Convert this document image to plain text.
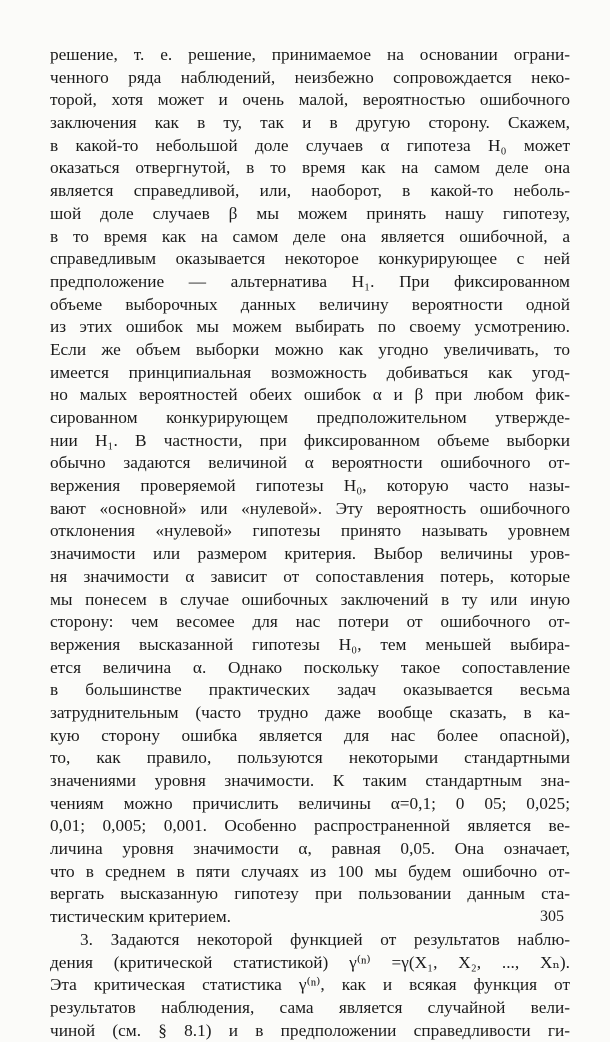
решение, т. е. решение, принимаемое на основании ограни-
ченного ряда наблюдений, неизбежно сопровождается неко-
торой, хотя может и очень малой, вероятностью ошибочного
заключения как в ту, так и в другую сторону. Скажем,
в какой-то небольшой доле случаев α гипотеза H₀ может
оказаться отвергнутой, в то время как на самом деле она
является справедливой, или, наоборот, в какой-то неболь-
шой доле случаев β мы можем принять нашу гипотезу,
в то время как на самом деле она является ошибочной, а
справедливым оказывается некоторое конкурирующее с ней
предположение — альтернатива H₁. При фиксированном
объеме выборочных данных величину вероятности одной
из этих ошибок мы можем выбирать по своему усмотрению.
Если же объем выборки можно как угодно увеличивать, то
имеется принципиальная возможность добиваться как угод-
но малых вероятностей обеих ошибок α и β при любом фик-
сированном конкурирующем предположительном утвержде-
нии H₁. В частности, при фиксированном объеме выборки
обычно задаются величиной α вероятности ошибочного от-
вержения проверяемой гипотезы H₀, которую часто назы-
вают «основной» или «нулевой». Эту вероятность ошибочного
отклонения «нулевой» гипотезы принято называть уровнем
значимости или размером критерия. Выбор величины уров-
ня значимости α зависит от сопоставления потерь, которые
мы понесем в случае ошибочных заключений в ту или иную
сторону: чем весомее для нас потери от ошибочного от-
вержения высказанной гипотезы H₀, тем меньшей выбира-
ется величина α. Однако поскольку такое сопоставление
в большинстве практических задач оказывается весьма
затруднительным (часто трудно даже вообще сказать, в ка-
кую сторону ошибка является для нас более опасной),
то, как правило, пользуются некоторыми стандартными
значениями уровня значимости. К таким стандартным зна-
чениям можно причислить величины α=0,1; 0 05; 0,025;
0,01; 0,005; 0,001. Особенно распространенной является ве-
личина уровня значимости α, равная 0,05. Она означает,
что в среднем в пяти случаях из 100 мы будем ошибочно от-
вергать высказанную гипотезу при пользовании данным ста-
тистическим критерием.
3. Задаются некоторой функцией от результатов наблю-
дения (критической статистикой) γ⁽ⁿ⁾ =γ(X₁, X₂, ..., Xₙ).
Эта критическая статистика γ⁽ⁿ⁾, как и всякая функция от
результатов наблюдения, сама является случайной вели-
чиной (см. § 8.1) и в предположении справедливости ги-
305
